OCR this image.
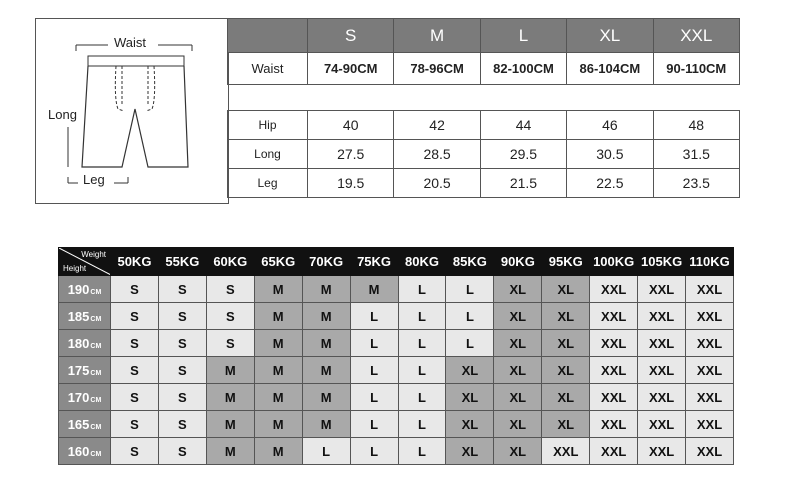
Waist
Long
Leg
	S	M	L	XL	XXL
Waist	74-90CM	78-96CM	82-100CM	86-104CM	90-110CM
Hip	40	42	44	46	48
Long	27.5	28.5	29.5	30.5	31.5
Leg	19.5	20.5	21.5	22.5	23.5
Weight
Height	50KG	55KG	60KG	65KG	70KG	75KG	80KG	85KG	90KG	95KG	100KG	105KG	110KG
190CM	S	S	S	M	M	M	L	L	XL	XL	XXL	XXL	XXL
185CM	S	S	S	M	M	L	L	L	XL	XL	XXL	XXL	XXL
180CM	S	S	S	M	M	L	L	L	XL	XL	XXL	XXL	XXL
175CM	S	S	M	M	M	L	L	XL	XL	XL	XXL	XXL	XXL
170CM	S	S	M	M	M	L	L	XL	XL	XL	XXL	XXL	XXL
165CM	S	S	M	M	M	L	L	XL	XL	XL	XXL	XXL	XXL
160CM	S	S	M	M	L	L	L	XL	XL	XXL	XXL	XXL	XXL
